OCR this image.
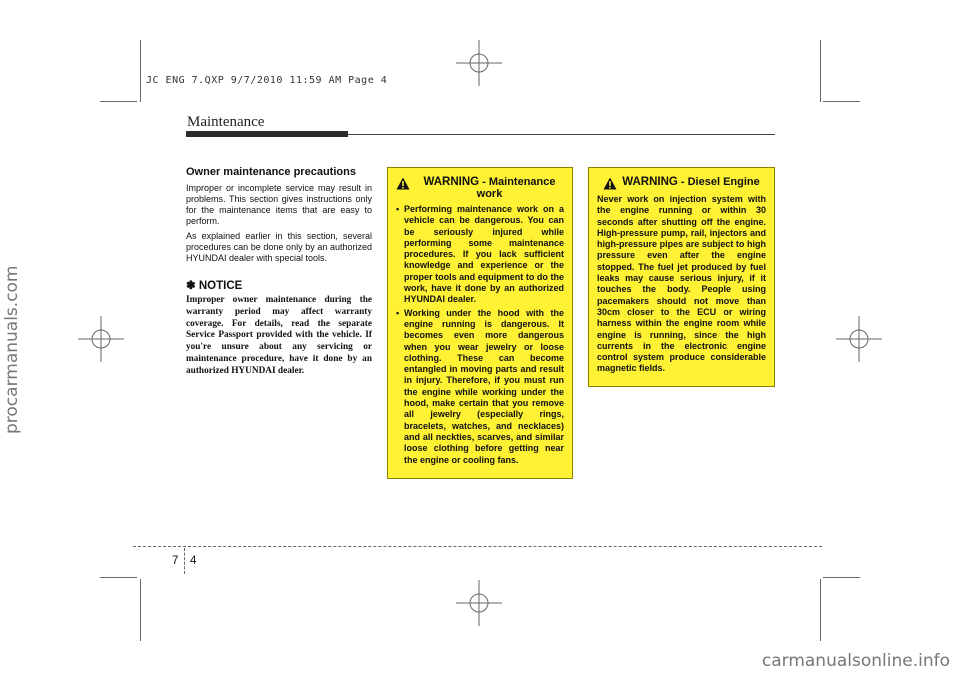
JC ENG 7.QXP 9/7/2010 11:59 AM Page 4
Maintenance
Owner maintenance precautions

Improper or incomplete service may result in problems. This section gives instructions only for the maintenance items that are easy to perform.

As explained earlier in this section, several procedures can be done only by an authorized HYUNDAI dealer with special tools.

✽ NOTICE

Improper owner maintenance during the warranty period may affect warranty coverage. For details, read the separate Service Passport provided with the vehicle. If you're unsure about any servicing or maintenance procedure, have it done by an authorized HYUNDAI dealer.

WARNING - Maintenance work
• Performing maintenance work on a vehicle can be dangerous. You can be seriously injured while performing some maintenance procedures. If you lack sufficient knowledge and experience or the proper tools and equipment to do the work, have it done by an authorized HYUNDAI dealer.
• Working under the hood with the engine running is dangerous. It becomes even more dangerous when you wear jewelry or loose clothing. These can become entangled in moving parts and result in injury. Therefore, if you must run the engine while working under the hood, make certain that you remove all jewelry (especially rings, bracelets, watches, and necklaces) and all neckties, scarves, and similar loose clothing before getting near the engine or cooling fans.
WARNING - Diesel Engine
Never work on injection system with the engine running or within 30 seconds after shutting off the engine. High-pressure pump, rail, injectors and high-pressure pipes are subject to high pressure even after the engine stopped. The fuel jet produced by fuel leaks may cause serious injury, if it touches the body. People using pacemakers should not move than 30cm closer to the ECU or wiring harness within the engine room while engine is running, since the high currents in the electronic engine control system produce considerable magnetic fields.
7 4
procarmanuals.com
carmanualsonline.info
